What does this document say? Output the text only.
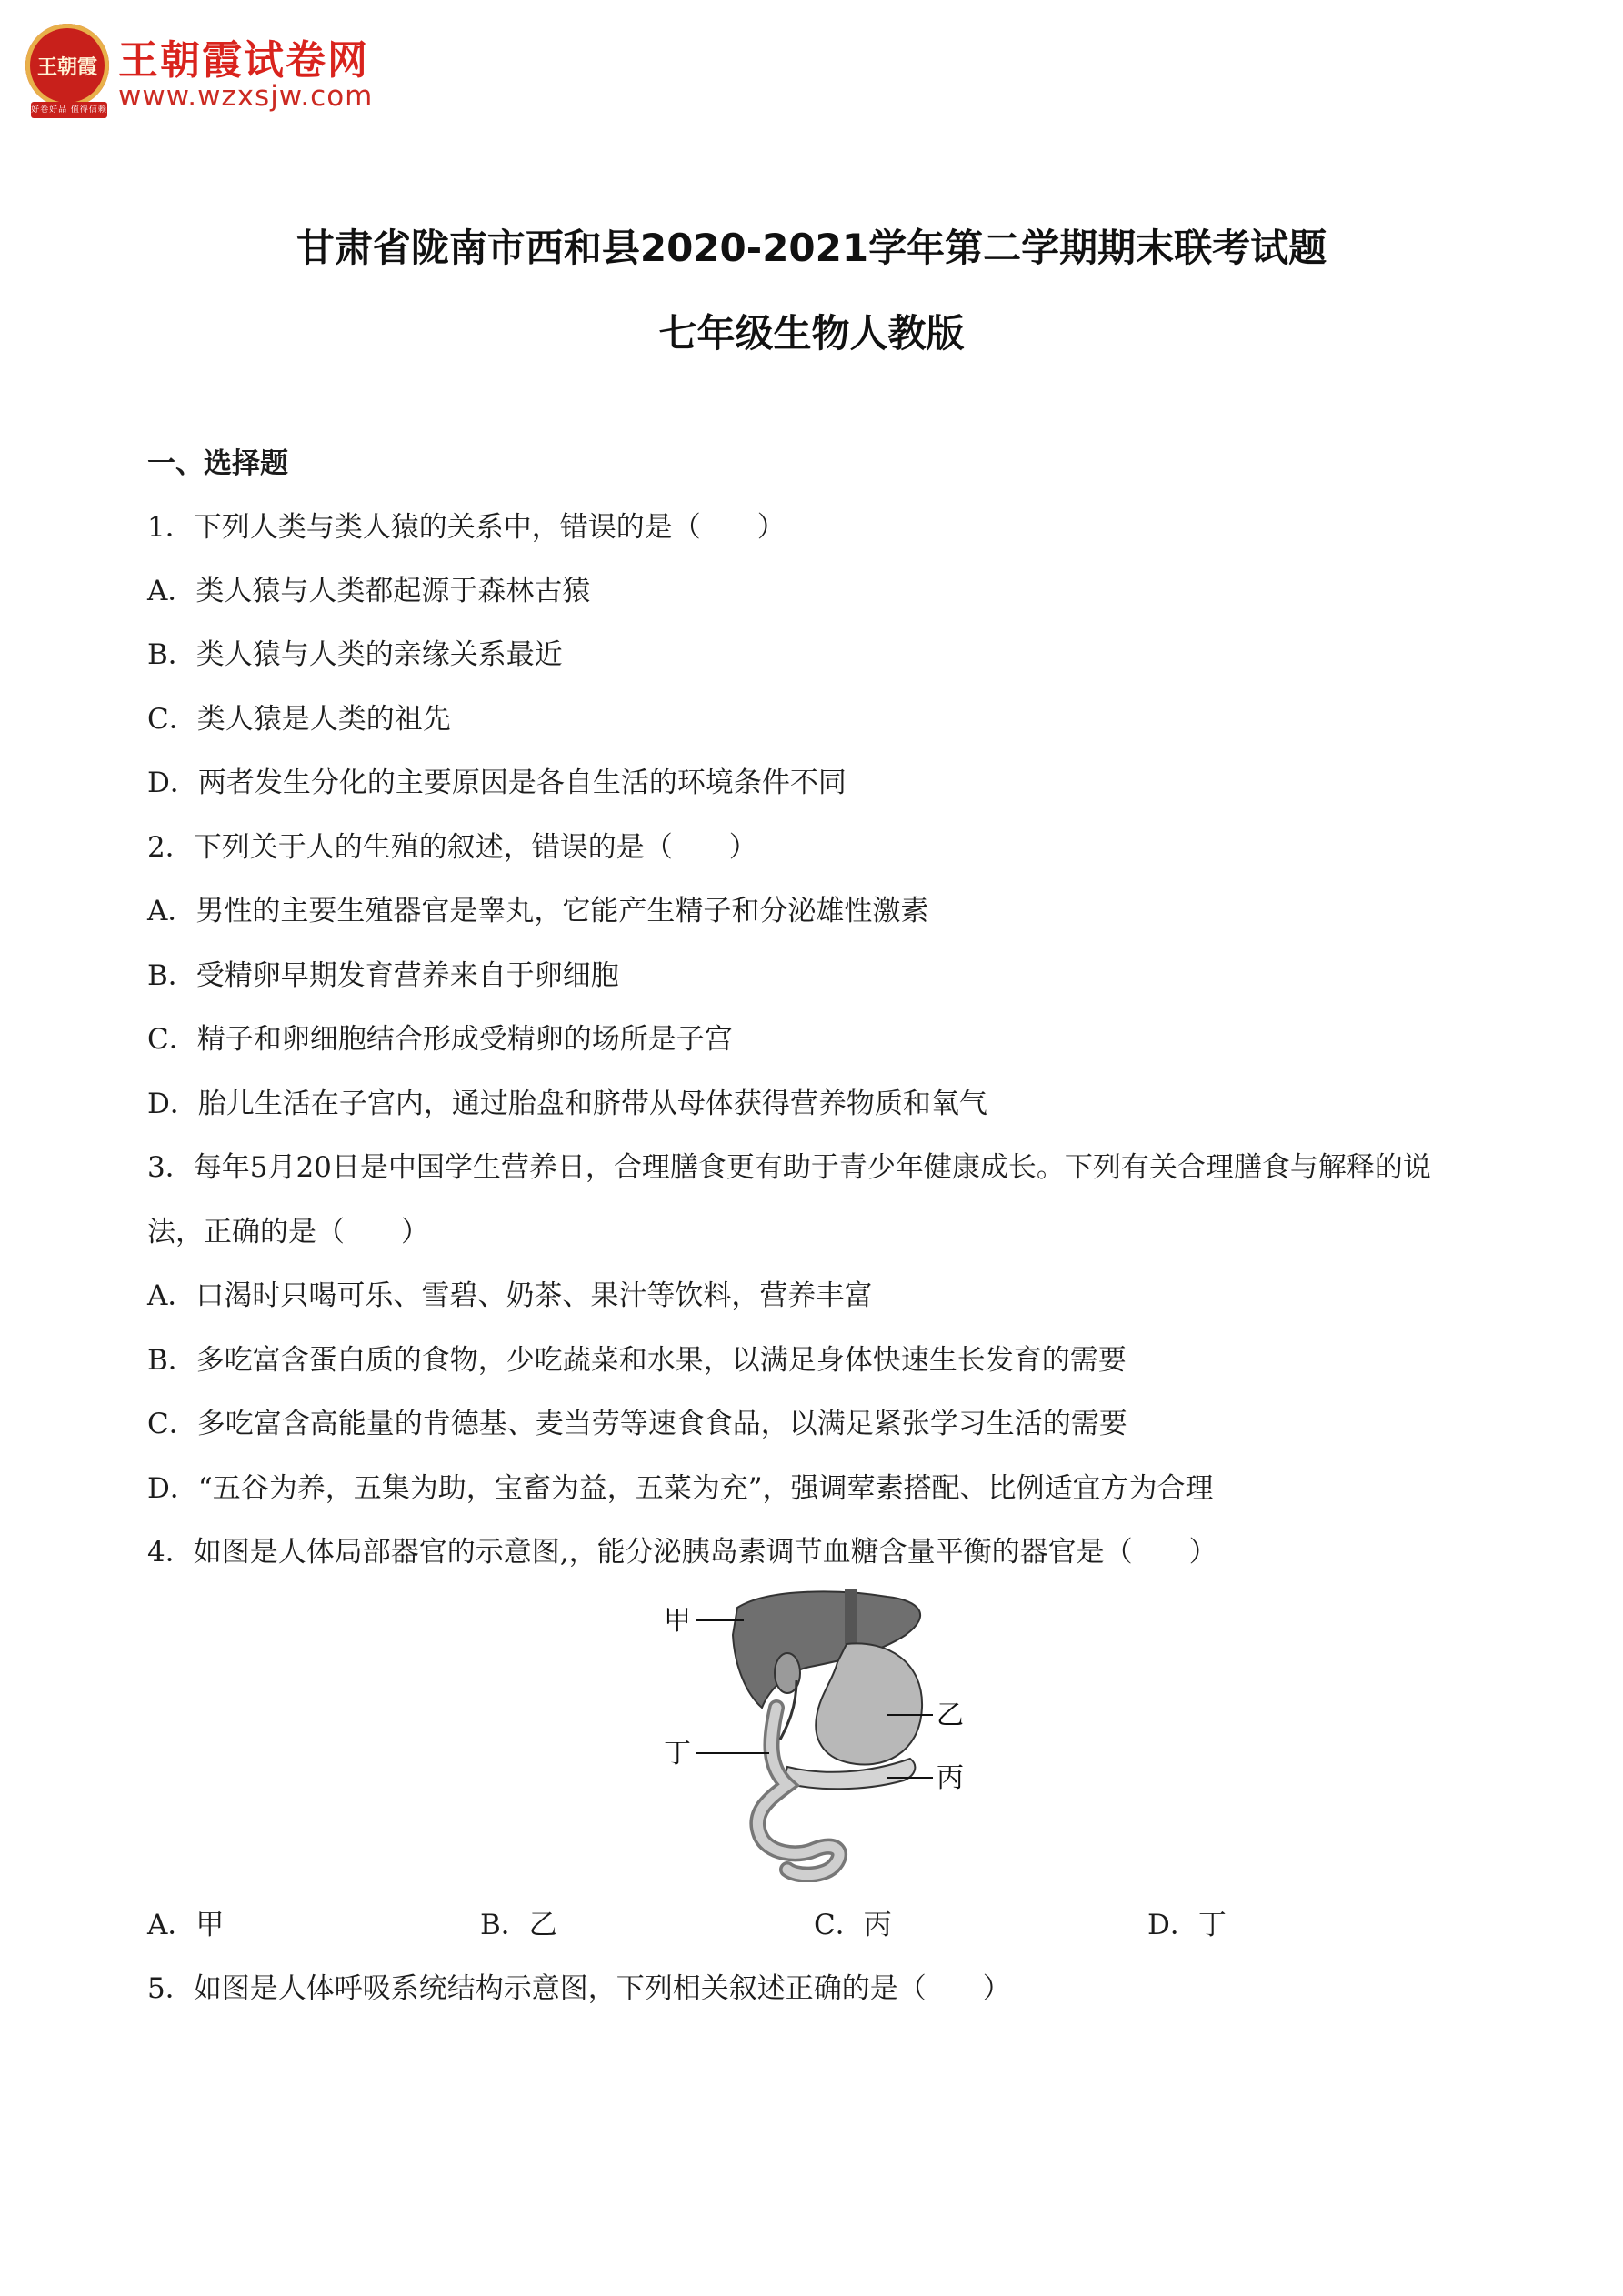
王朝霞
好卷好品 值得信赖
王朝霞试卷网
www.wzxsjw.com
甘肃省陇南市西和县2020-2021学年第二学期期末联考试题
七年级生物人教版
一、选择题
1．下列人类与类人猿的关系中，错误的是（　　）
A．类人猿与人类都起源于森林古猿
B．类人猿与人类的亲缘关系最近
C．类人猿是人类的祖先
D．两者发生分化的主要原因是各自生活的环境条件不同
2．下列关于人的生殖的叙述，错误的是（　　）
A．男性的主要生殖器官是睾丸，它能产生精子和分泌雄性激素
B．受精卵早期发育营养来自于卵细胞
C．精子和卵细胞结合形成受精卵的场所是子宫
D．胎儿生活在子宫内，通过胎盘和脐带从母体获得营养物质和氧气
3．每年5月20日是中国学生营养日，合理膳食更有助于青少年健康成长。下列有关合理膳食与解释的说
法，正确的是（　　）
A．口渴时只喝可乐、雪碧、奶茶、果汁等饮料，营养丰富
B．多吃富含蛋白质的食物，少吃蔬菜和水果，以满足身体快速生长发育的需要
C．多吃富含高能量的肯德基、麦当劳等速食食品，以满足紧张学习生活的需要
D．“五谷为养，五集为助，宝畜为益，五菜为充”，强调荤素搭配、比例适宜方为合理
4．如图是人体局部器官的示意图,，能分泌胰岛素调节血糖含量平衡的器官是（　　）
甲
乙
丙
丁
A．甲	B．乙	C．丙	D．丁
5．如图是人体呼吸系统结构示意图，下列相关叙述正确的是（　　）
